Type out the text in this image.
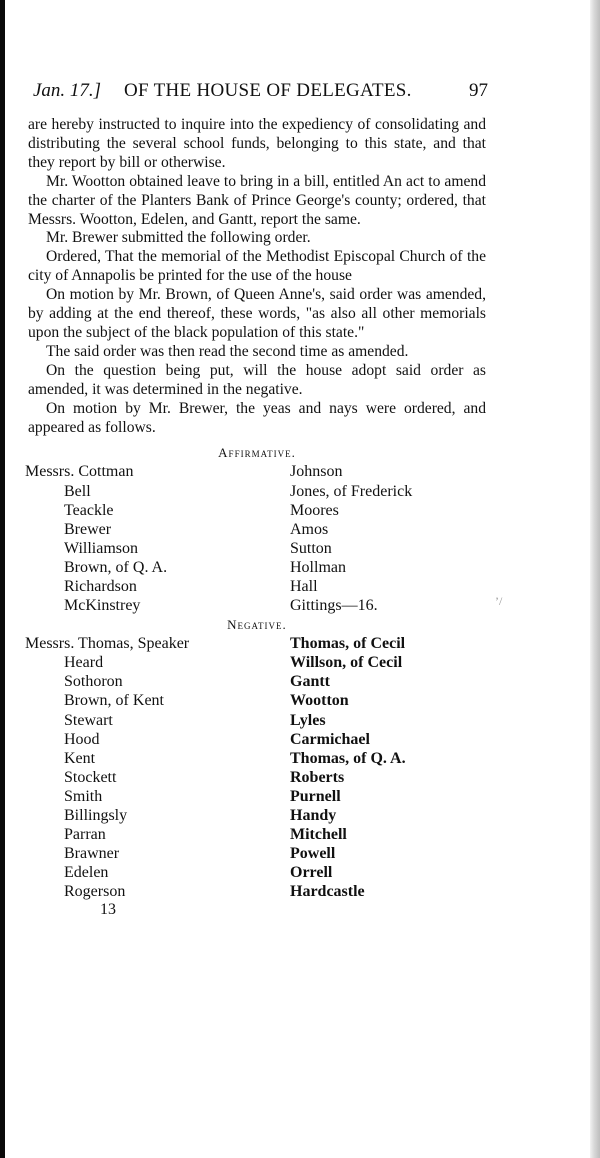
’/
Jan. 17.] OF THE HOUSE OF DELEGATES.	97

are hereby instructed to inquire into the expediency of consolidating and distributing the several school funds, belonging to this state, and that they report by bill or otherwise.

Mr. Wootton obtained leave to bring in a bill, entitled An act to amend the charter of the Planters Bank of Prince George's county; ordered, that Messrs. Wootton, Edelen, and Gantt, report the same.

Mr. Brewer submitted the following order.

Ordered, That the memorial of the Methodist Episcopal Church of the city of Annapolis be printed for the use of the house

On motion by Mr. Brown, of Queen Anne's, said order was amended, by adding at the end thereof, these words, "as also all other memorials upon the subject of the black population of this state."

The said order was then read the second time as amended.

On the question being put, will the house adopt said order as amended, it was determined in the negative.

On motion by Mr. Brewer, the yeas and nays were ordered, and appeared as follows.

Affirmative.
Messrs. Cottman	Johnson
Bell	Jones, of Frederick
Teackle	Moores
Brewer	Amos
Williamson	Sutton
Brown, of Q. A.	Hollman
Richardson	Hall
McKinstrey	Gittings—16.
Negative.
Messrs. Thomas, Speaker	Thomas, of Cecil
Heard	Willson, of Cecil
Sothoron	Gantt
Brown, of Kent	Wootton
Stewart	Lyles
Hood	Carmichael
Kent	Thomas, of Q. A.
Stockett	Roberts
Smith	Purnell
Billingsly	Handy
Parran	Mitchell
Brawner	Powell
Edelen	Orrell
Rogerson	Hardcastle
13
